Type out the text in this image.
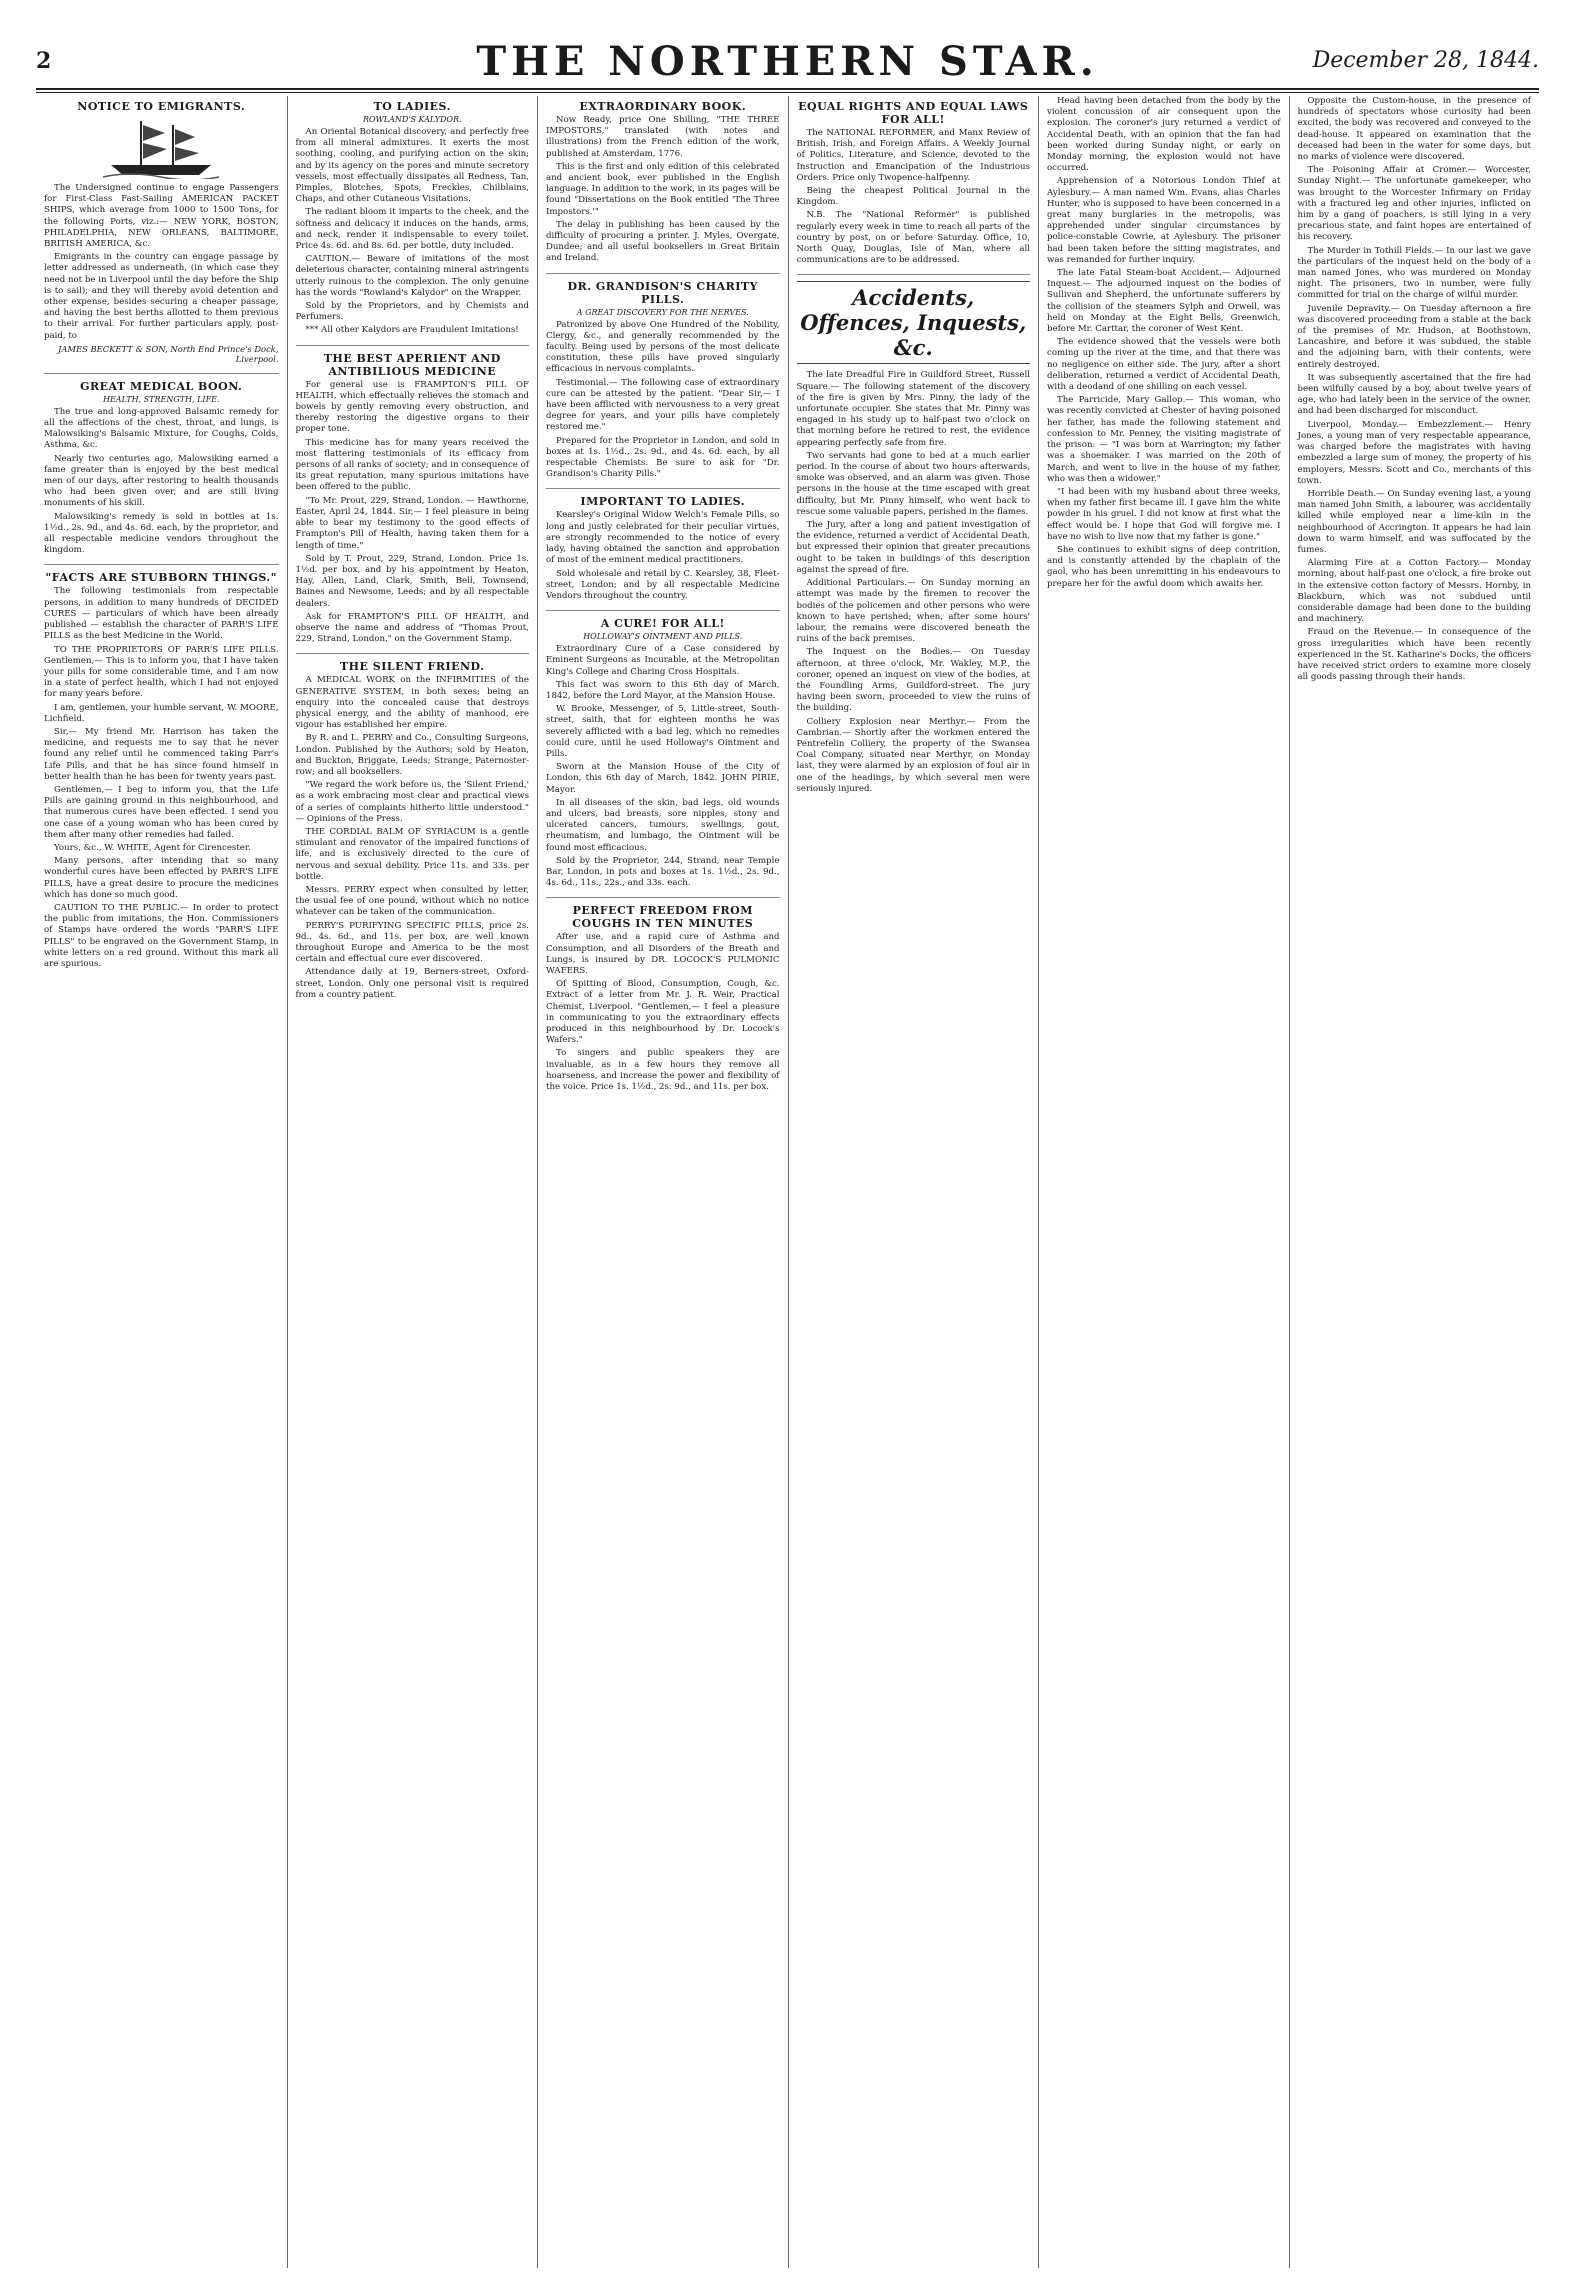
2	THE NORTHERN STAR.	December 28, 1844.
NOTICE TO EMIGRANTS.

The Undersigned continue to engage Passengers for First-Class Fast-Sailing AMERICAN PACKET SHIPS, which average from 1000 to 1500 Tons, for the following Ports, viz.:— NEW YORK, BOSTON, PHILADELPHIA, NEW ORLEANS, BALTIMORE, BRITISH AMERICA, &c.

Emigrants in the country can engage passage by letter addressed as underneath, (in which case they need not be in Liverpool until the day before the Ship is to sail); and they will thereby avoid detention and other expense, besides securing a cheaper passage, and having the best berths allotted to them previous to their arrival. For further particulars apply, post-paid, to

JAMES BECKETT & SON, North End Prince's Dock, Liverpool.
GREAT MEDICAL BOON.
HEALTH, STRENGTH, LIFE.

The true and long-approved Balsamic remedy for all the affections of the chest, throat, and lungs, is Malowsiking's Balsamic Mixture, for Coughs, Colds, Asthma, &c.

Nearly two centuries ago, Malowsiking earned a fame greater than is enjoyed by the best medical men of our days, after restoring to health thousands who had been given over, and are still living monuments of his skill.

Malowsiking's remedy is sold in bottles at 1s. 1½d., 2s. 9d., and 4s. 6d. each, by the proprietor, and all respectable medicine vendors throughout the kingdom.

"FACTS ARE STUBBORN THINGS."

The following testimonials from respectable persons, in addition to many hundreds of DECIDED CURES — particulars of which have been already published — establish the character of PARR'S LIFE PILLS as the best Medicine in the World.

TO THE PROPRIETORS OF PARR'S LIFE PILLS. Gentlemen,— This is to inform you, that I have taken your pills for some considerable time, and I am now in a state of perfect health, which I had not enjoyed for many years before.

I am, gentlemen, your humble servant, W. MOORE, Lichfield.

Sir,— My friend Mr. Harrison has taken the medicine, and requests me to say that he never found any relief until he commenced taking Parr's Life Pills, and that he has since found himself in better health than he has been for twenty years past.

Gentlemen,— I beg to inform you, that the Life Pills are gaining ground in this neighbourhood, and that numerous cures have been effected. I send you one case of a young woman who has been cured by them after many other remedies had failed.

Yours, &c., W. WHITE, Agent for Cirencester.

Many persons, after intending that so many wonderful cures have been effected by PARR'S LIFE PILLS, have a great desire to procure the medicines which has done so much good.

CAUTION TO THE PUBLIC.— In order to protect the public from imitations, the Hon. Commissioners of Stamps have ordered the words "PARR'S LIFE PILLS" to be engraved on the Government Stamp, in white letters on a red ground. Without this mark all are spurious.

TO LADIES.
ROWLAND'S KALYDOR.

An Oriental Botanical discovery, and perfectly free from all mineral admixtures. It exerts the most soothing, cooling, and purifying action on the skin; and by its agency on the pores and minute secretory vessels, most effectually dissipates all Redness, Tan, Pimples, Blotches, Spots, Freckles, Chilblains, Chaps, and other Cutaneous Visitations.

The radiant bloom it imparts to the cheek, and the softness and delicacy it induces on the hands, arms, and neck, render it indispensable to every toilet. Price 4s. 6d. and 8s. 6d. per bottle, duty included.

CAUTION.— Beware of imitations of the most deleterious character, containing mineral astringents utterly ruinous to the complexion. The only genuine has the words "Rowland's Kalydor" on the Wrapper.

Sold by the Proprietors, and by Chemists and Perfumers.

*** All other Kalydors are Fraudulent Imitations!

THE BEST APERIENT AND ANTIBILIOUS MEDICINE

For general use is FRAMPTON'S PILL OF HEALTH, which effectually relieves the stomach and bowels by gently removing every obstruction, and thereby restoring the digestive organs to their proper tone.

This medicine has for many years received the most flattering testimonials of its efficacy from persons of all ranks of society; and in consequence of its great reputation, many spurious imitations have been offered to the public.

"To Mr. Prout, 229, Strand, London. — Hawthorne, Easter, April 24, 1844. Sir,— I feel pleasure in being able to bear my testimony to the good effects of Frampton's Pill of Health, having taken them for a length of time."

Sold by T. Prout, 229, Strand, London. Price 1s. 1½d. per box, and by his appointment by Heaton, Hay, Allen, Land, Clark, Smith, Bell, Townsend, Baines and Newsome, Leeds; and by all respectable dealers.

Ask for FRAMPTON'S PILL OF HEALTH, and observe the name and address of "Thomas Prout, 229, Strand, London," on the Government Stamp.

THE SILENT FRIEND.

A MEDICAL WORK on the INFIRMITIES of the GENERATIVE SYSTEM, in both sexes; being an enquiry into the concealed cause that destroys physical energy, and the ability of manhood, ere vigour has established her empire.

By R. and L. PERRY and Co., Consulting Surgeons, London. Published by the Authors; sold by Heaton, and Buckton, Briggate, Leeds; Strange, Paternoster-row; and all booksellers.

"We regard the work before us, the 'Silent Friend,' as a work embracing most clear and practical views of a series of complaints hitherto little understood." — Opinions of the Press.

THE CORDIAL BALM OF SYRIACUM is a gentle stimulant and renovator of the impaired functions of life, and is exclusively directed to the cure of nervous and sexual debility. Price 11s. and 33s. per bottle.

Messrs. PERRY expect when consulted by letter, the usual fee of one pound, without which no notice whatever can be taken of the communication.

PERRY'S PURIFYING SPECIFIC PILLS, price 2s. 9d., 4s. 6d., and 11s. per box, are well known throughout Europe and America to be the most certain and effectual cure ever discovered.

Attendance daily at 19, Berners-street, Oxford-street, London. Only one personal visit is required from a country patient.

EXTRAORDINARY BOOK.

Now Ready, price One Shilling, "THE THREE IMPOSTORS," translated (with notes and illustrations) from the French edition of the work, published at Amsterdam, 1776.

This is the first and only edition of this celebrated and ancient book, ever published in the English language. In addition to the work, in its pages will be found "Dissertations on the Book entitled 'The Three Impostors.'"

The delay in publishing has been caused by the difficulty of procuring a printer. J. Myles, Overgate, Dundee; and all useful booksellers in Great Britain and Ireland.

DR. GRANDISON'S CHARITY PILLS.
A GREAT DISCOVERY FOR THE NERVES.

Patronized by above One Hundred of the Nobility, Clergy, &c., and generally recommended by the faculty. Being used by persons of the most delicate constitution, these pills have proved singularly efficacious in nervous complaints.

Testimonial.— The following case of extraordinary cure can be attested by the patient. "Dear Sir,— I have been afflicted with nervousness to a very great degree for years, and your pills have completely restored me."

Prepared for the Proprietor in London, and sold in boxes at 1s. 1½d., 2s. 9d., and 4s. 6d. each, by all respectable Chemists. Be sure to ask for "Dr. Grandison's Charity Pills."

IMPORTANT TO LADIES.

Kearsley's Original Widow Welch's Female Pills, so long and justly celebrated for their peculiar virtues, are strongly recommended to the notice of every lady, having obtained the sanction and approbation of most of the eminent medical practitioners.

Sold wholesale and retail by C. Kearsley, 38, Fleet-street, London; and by all respectable Medicine Vendors throughout the country.

A CURE! FOR ALL!
HOLLOWAY'S OINTMENT AND PILLS.

Extraordinary Cure of a Case considered by Eminent Surgeons as Incurable, at the Metropolitan King's College and Charing Cross Hospitals.

This fact was sworn to this 6th day of March, 1842, before the Lord Mayor, at the Mansion House.

W. Brooke, Messenger, of 5, Little-street, South-street, saith, that for eighteen months he was severely afflicted with a bad leg, which no remedies could cure, until he used Holloway's Ointment and Pills.

Sworn at the Mansion House of the City of London, this 6th day of March, 1842. JOHN PIRIE, Mayor.

In all diseases of the skin, bad legs, old wounds and ulcers, bad breasts, sore nipples, stony and ulcerated cancers, tumours, swellings, gout, rheumatism, and lumbago, the Ointment will be found most efficacious.

Sold by the Proprietor, 244, Strand, near Temple Bar, London, in pots and boxes at 1s. 1½d., 2s. 9d., 4s. 6d., 11s., 22s., and 33s. each.

PERFECT FREEDOM FROM COUGHS IN TEN MINUTES

After use, and a rapid cure of Asthma and Consumption, and all Disorders of the Breath and Lungs, is insured by DR. LOCOCK'S PULMONIC WAFERS.

Of Spitting of Blood, Consumption, Cough, &c. Extract of a letter from Mr. J. R. Weir, Practical Chemist, Liverpool. "Gentlemen,— I feel a pleasure in communicating to you the extraordinary effects produced in this neighbourhood by Dr. Locock's Wafers."

To singers and public speakers they are invaluable, as in a few hours they remove all hoarseness, and increase the power and flexibility of the voice. Price 1s. 1½d., 2s. 9d., and 11s. per box.

EQUAL RIGHTS AND EQUAL LAWS FOR ALL!

The NATIONAL REFORMER, and Manx Review of British, Irish, and Foreign Affairs. A Weekly Journal of Politics, Literature, and Science, devoted to the Instruction and Emancipation of the Industrious Orders. Price only Twopence-halfpenny.

Being the cheapest Political Journal in the Kingdom.

N.B. The "National Reformer" is published regularly every week in time to reach all parts of the country by post, on or before Saturday. Office, 10, North Quay, Douglas, Isle of Man, where all communications are to be addressed.

Accidents, Offences, Inquests, &c.

The late Dreadful Fire in Guildford Street, Russell Square.— The following statement of the discovery of the fire is given by Mrs. Pinny, the lady of the unfortunate occupier. She states that Mr. Pinny was engaged in his study up to half-past two o'clock on that morning before he retired to rest, the evidence appearing perfectly safe from fire.

Two servants had gone to bed at a much earlier period. In the course of about two hours afterwards, smoke was observed, and an alarm was given. Those persons in the house at the time escaped with great difficulty, but Mr. Pinny himself, who went back to rescue some valuable papers, perished in the flames.

The Jury, after a long and patient investigation of the evidence, returned a verdict of Accidental Death, but expressed their opinion that greater precautions ought to be taken in buildings of this description against the spread of fire.

Additional Particulars.— On Sunday morning an attempt was made by the firemen to recover the bodies of the policemen and other persons who were known to have perished; when, after some hours' labour, the remains were discovered beneath the ruins of the back premises.

The Inquest on the Bodies.— On Tuesday afternoon, at three o'clock, Mr. Wakley, M.P., the coroner, opened an inquest on view of the bodies, at the Foundling Arms, Guildford-street. The jury having been sworn, proceeded to view the ruins of the building.

Colliery Explosion near Merthyr.— From the Cambrian.— Shortly after the workmen entered the Pentrefelin Colliery, the property of the Swansea Coal Company, situated near Merthyr, on Monday last, they were alarmed by an explosion of foul air in one of the headings, by which several men were seriously injured.

Head having been detached from the body by the violent concussion of air consequent upon the explosion. The coroner's jury returned a verdict of Accidental Death, with an opinion that the fan had been worked during Sunday night, or early on Monday morning, the explosion would not have occurred.

Apprehension of a Notorious London Thief at Aylesbury.— A man named Wm. Evans, alias Charles Hunter, who is supposed to have been concerned in a great many burglaries in the metropolis, was apprehended under singular circumstances by police-constable Cowrie, at Aylesbury. The prisoner had been taken before the sitting magistrates, and was remanded for further inquiry.

The late Fatal Steam-boat Accident.— Adjourned Inquest.— The adjourned inquest on the bodies of Sullivan and Shepherd, the unfortunate sufferers by the collision of the steamers Sylph and Orwell, was held on Monday at the Eight Bells, Greenwich, before Mr. Carttar, the coroner of West Kent.

The evidence showed that the vessels were both coming up the river at the time, and that there was no negligence on either side. The jury, after a short deliberation, returned a verdict of Accidental Death, with a deodand of one shilling on each vessel.

The Parricide, Mary Gallop.— This woman, who was recently convicted at Chester of having poisoned her father, has made the following statement and confession to Mr. Penney, the visiting magistrate of the prison: — "I was born at Warrington; my father was a shoemaker. I was married on the 20th of March, and went to live in the house of my father, who was then a widower."

"I had been with my husband about three weeks, when my father first became ill. I gave him the white powder in his gruel. I did not know at first what the effect would be. I hope that God will forgive me. I have no wish to live now that my father is gone."

She continues to exhibit signs of deep contrition, and is constantly attended by the chaplain of the gaol, who has been unremitting in his endeavours to prepare her for the awful doom which awaits her.

Opposite the Custom-house, in the presence of hundreds of spectators whose curiosity had been excited, the body was recovered and conveyed to the dead-house. It appeared on examination that the deceased had been in the water for some days, but no marks of violence were discovered.

The Poisoning Affair at Cromer.— Worcester, Sunday Night.— The unfortunate gamekeeper, who was brought to the Worcester Infirmary on Friday with a fractured leg and other injuries, inflicted on him by a gang of poachers, is still lying in a very precarious state, and faint hopes are entertained of his recovery.

The Murder in Tothill Fields.— In our last we gave the particulars of the inquest held on the body of a man named Jones, who was murdered on Monday night. The prisoners, two in number, were fully committed for trial on the charge of wilful murder.

Juvenile Depravity.— On Tuesday afternoon a fire was discovered proceeding from a stable at the back of the premises of Mr. Hudson, at Boothstown, Lancashire, and before it was subdued, the stable and the adjoining barn, with their contents, were entirely destroyed.

It was subsequently ascertained that the fire had been wilfully caused by a boy, about twelve years of age, who had lately been in the service of the owner, and had been discharged for misconduct.

Liverpool, Monday.— Embezzlement.— Henry Jones, a young man of very respectable appearance, was charged before the magistrates with having embezzled a large sum of money, the property of his employers, Messrs. Scott and Co., merchants of this town.

Horrible Death.— On Sunday evening last, a young man named John Smith, a labourer, was accidentally killed while employed near a lime-kiln in the neighbourhood of Accrington. It appears he had lain down to warm himself, and was suffocated by the fumes.

Alarming Fire at a Cotton Factory.— Monday morning, about half-past one o'clock, a fire broke out in the extensive cotton factory of Messrs. Hornby, in Blackburn, which was not subdued until considerable damage had been done to the building and machinery.

Fraud on the Revenue.— In consequence of the gross irregularities which have been recently experienced in the St. Katharine's Docks, the officers have received strict orders to examine more closely all goods passing through their hands.
